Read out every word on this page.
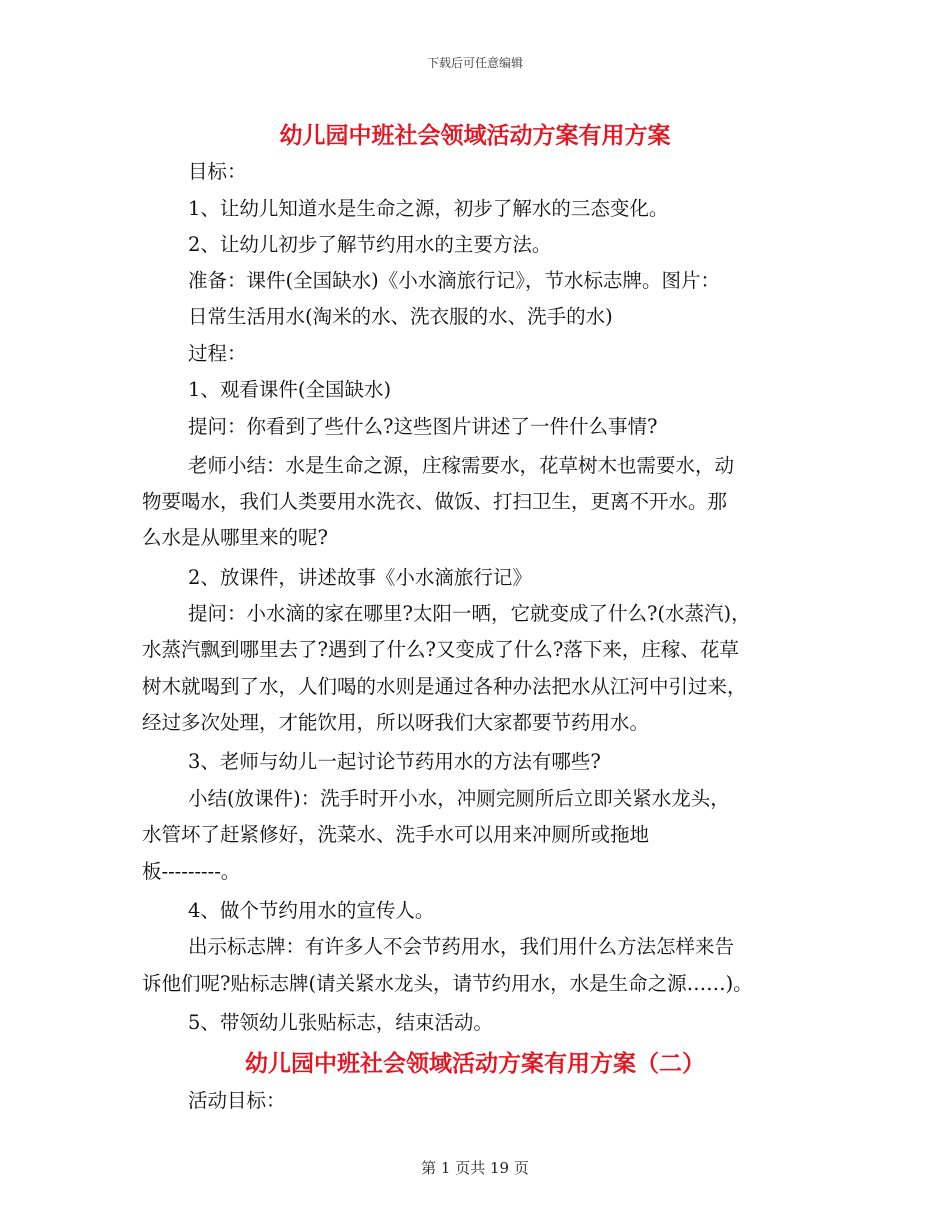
下载后可任意编辑
幼儿园中班社会领域活动方案有用方案

目标：

1、让幼儿知道水是生命之源，初步了解水的三态变化。

2、让幼儿初步了解节约用水的主要方法。

准备：课件(全国缺水)《小水滴旅行记》，节水标志牌。图片：

日常生活用水(淘米的水、洗衣服的水、洗手的水)

过程：

1、观看课件(全国缺水)

提问：你看到了些什么?这些图片讲述了一件什么事情?

老师小结：水是生命之源，庄稼需要水，花草树木也需要水，动

物要喝水，我们人类要用水洗衣、做饭、打扫卫生，更离不开水。那

么水是从哪里来的呢?

2、放课件，讲述故事《小水滴旅行记》

提问：小水滴的家在哪里?太阳一晒，它就变成了什么?(水蒸汽)，

水蒸汽飘到哪里去了?遇到了什么?又变成了什么?落下来，庄稼、花草

树木就喝到了水，人们喝的水则是通过各种办法把水从江河中引过来，

经过多次处理，才能饮用，所以呀我们大家都要节药用水。

3、老师与幼儿一起讨论节药用水的方法有哪些?

小结(放课件)：洗手时开小水，冲厕完厕所后立即关紧水龙头，

水管坏了赶紧修好，洗菜水、洗手水可以用来冲厕所或拖地

板---------。

4、做个节约用水的宣传人。

出示标志牌：有许多人不会节药用水，我们用什么方法怎样来告

诉他们呢?贴标志牌(请关紧水龙头，请节约用水，水是生命之源……)。

5、带领幼儿张贴标志，结束活动。

幼儿园中班社会领域活动方案有用方案（二）

活动目标：

第 1 页共 19 页
